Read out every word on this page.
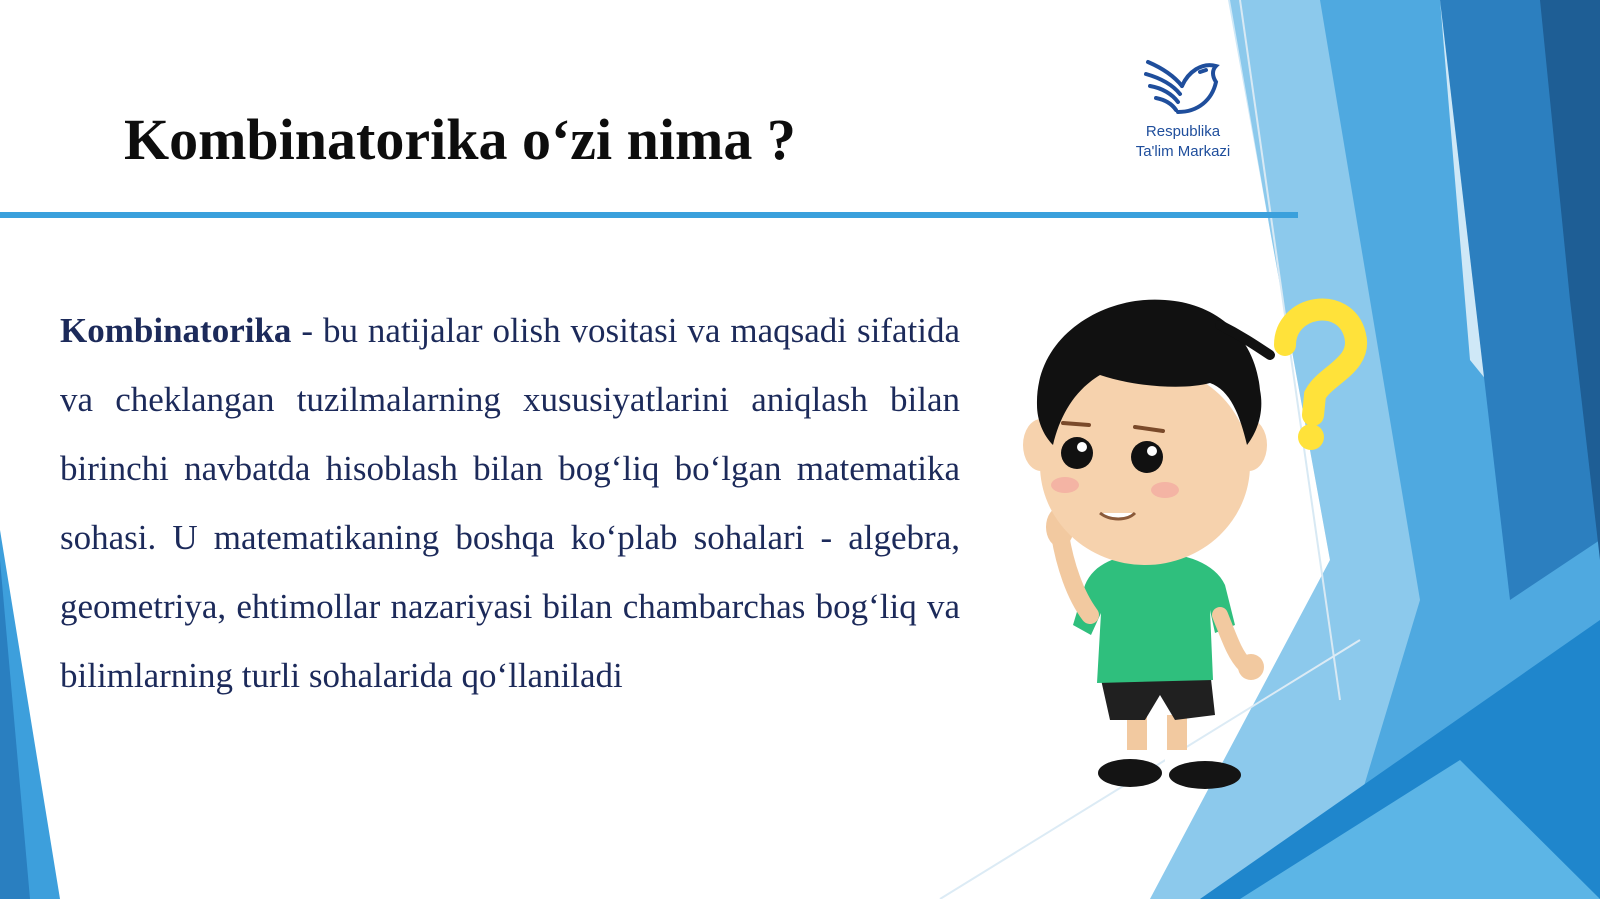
Kombinatorika o‘zi nima ?	Respublika
Ta'lim Markazi
Kombinatorika - bu natijalar olish vositasi va maqsadi sifatida va cheklangan tuzilmalarning xususiyatlarini aniqlash bilan birinchi navbatda hisoblash bilan bog‘liq bo‘lgan matematika sohasi. U matematikaning boshqa ko‘plab sohalari - algebra, geometriya, ehtimollar nazariyasi bilan chambarchas bog‘liq va bilimlarning turli sohalarida qo‘llaniladi
